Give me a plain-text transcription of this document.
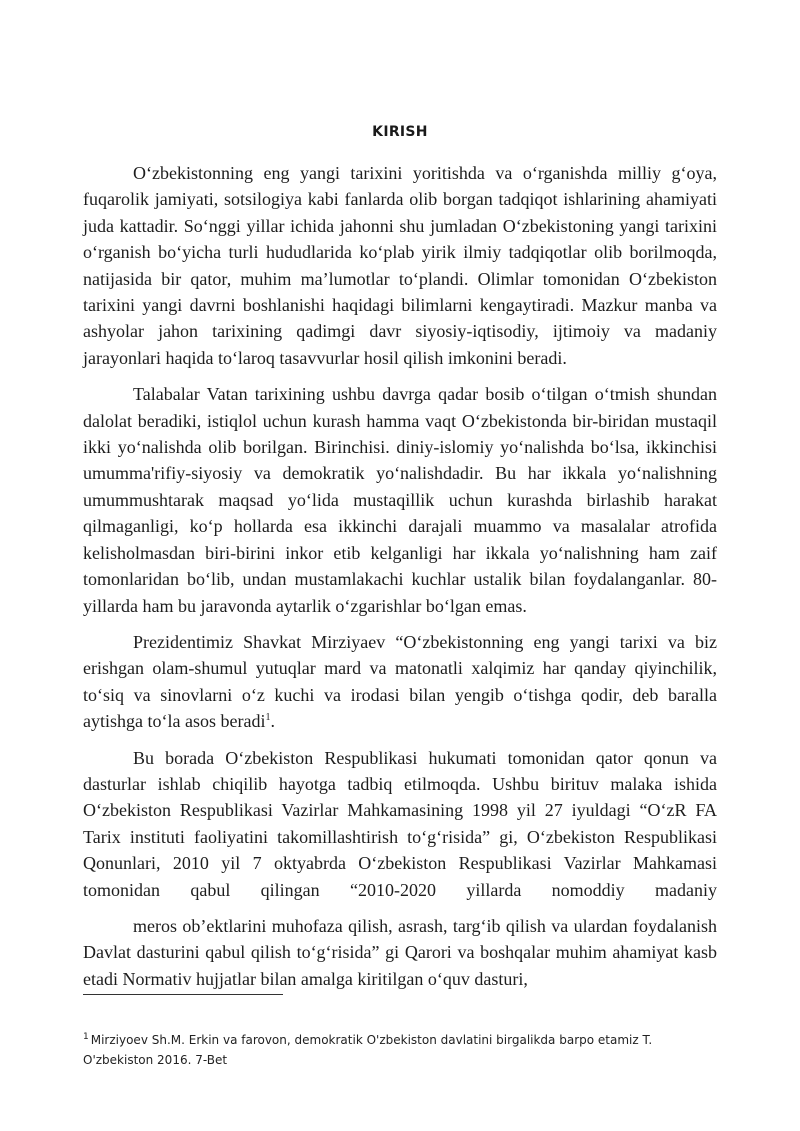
KIRISH

O‘zbekistonning eng yangi tarixini yoritishda va o‘rganishda milliy g‘oya, fuqarolik jamiyati, sotsilogiya kabi fanlarda olib borgan tadqiqot ishlarining ahamiyati juda kattadir. So‘nggi yillar ichida jahonni shu jumladan O‘zbekistoning yangi tarixini o‘rganish bo‘yicha turli hududlarida ko‘plab yirik ilmiy tadqiqotlar olib borilmoqda, natijasida bir qator, muhim ma’lumotlar to‘plandi. Olimlar tomonidan O‘zbekiston tarixini yangi davrni boshlanishi haqidagi bilimlarni kengaytiradi. Mazkur manba va ashyolar jahon tarixining qadimgi davr siyosiy-iqtisodiy, ijtimoiy va madaniy jarayonlari haqida to‘laroq tasavvurlar hosil qilish imkonini beradi.

Talabalar Vatan tarixining ushbu davrga qadar bosib o‘tilgan o‘tmish shundan dalolat beradiki, istiqlol uchun kurash hamma vaqt O‘zbekistonda bir-biridan mustaqil ikki yo‘nalishda olib borilgan. Birinchisi. diniy-islomiy yo‘nalishda bo‘lsa, ikkinchisi umumma'rifiy-siyosiy va demokratik yo‘nalishdadir. Bu har ikkala yo‘nalishning umummushtarak maqsad yo‘lida mustaqillik uchun kurashda birlashib harakat qilmaganligi, ko‘p hollarda esa ikkinchi darajali muammo va masalalar atrofida kelisholmasdan biri-birini inkor etib kelganligi har ikkala yo‘nalishning ham zaif tomonlaridan bo‘lib, undan mustamlakachi kuchlar ustalik bilan foydalanganlar. 80-yillarda ham bu jaravonda aytarlik o‘zgarishlar bo‘lgan emas.

Prezidentimiz Shavkat Mirziyaev “O‘zbekistonning eng yangi tarixi va biz erishgan olam-shumul yutuqlar mard va matonatli xalqimiz har qanday qiyinchilik, to‘siq va sinovlarni o‘z kuchi va irodasi bilan yengib o‘tishga qodir, deb baralla aytishga to‘la asos beradi$^1$.

Bu borada O‘zbekiston Respublikasi hukumati tomonidan qator qonun va dasturlar ishlab chiqilib hayotga tadbiq etilmoqda. Ushbu birituv malaka ishida O‘zbekiston Respublikasi Vazirlar Mahkamasining 1998 yil 27 iyuldagi “O‘zR FA Tarix instituti faoliyatini takomillashtirish to‘g‘risida” gi, O‘zbekiston Respublikasi Qonunlari, 2010 yil 7 oktyabrda O‘zbekiston Respublikasi Vazirlar Mahkamasi tomonidan qabul qilingan “2010-2020 yillarda nomoddiy madaniy

meros ob’ektlarini muhofaza qilish, asrash, targ‘ib qilish va ulardan foydalanish Davlat dasturini qabul qilish to‘g‘risida” gi Qarori va boshqalar muhim ahamiyat kasb etadi Normativ hujjatlar bilan amalga kiritilgan o‘quv dasturi,

$^1$ Mirziyoev Sh.M. Erkin va farovon, demokratik O'zbekiston davlatini birgalikda barpo etamiz T. O'zbekiston 2016. 7-Bet
